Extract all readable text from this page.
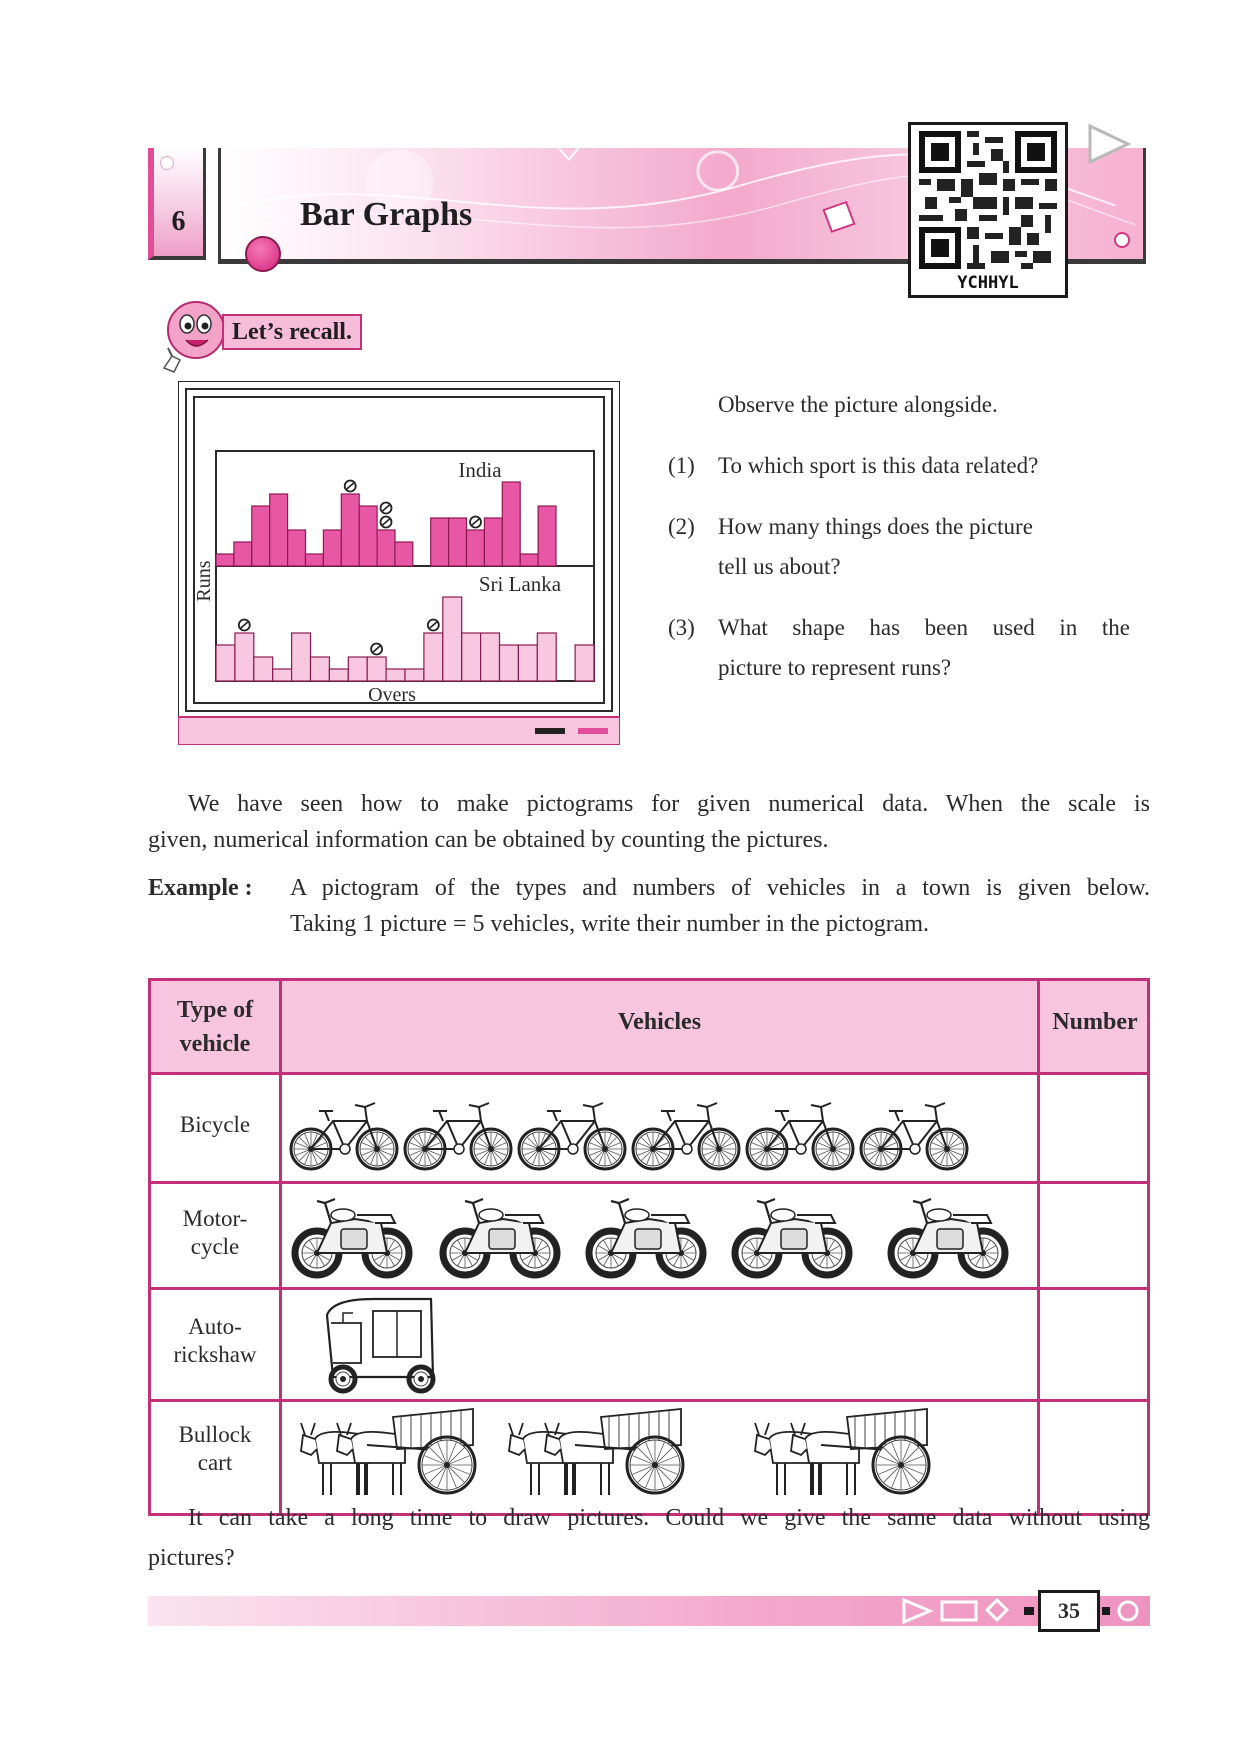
6	Bar Graphs
YCHHYL
Let’s recall.
India
Sri Lanka
Runs
Overs
Observe the picture alongside.
(1) To which sport is this data related?
(2) How many things does the picture
tell us about?
(3) What shape has been used in the
picture to represent runs?
We have seen how to make pictograms for given numerical data. When the scale is
given, numerical information can be obtained by counting the pictures.
Example : A pictogram of the types and numbers of vehicles in a town is given below.
Taking 1 picture = 5 vehicles, write their number in the pictogram.
Type of
vehicle
Vehicles	Number
Bicycle
Motor-
cycle
Auto-
rickshaw
Bullock
cart
It can take a long time to draw pictures. Could we give the same data without using
pictures?
35
